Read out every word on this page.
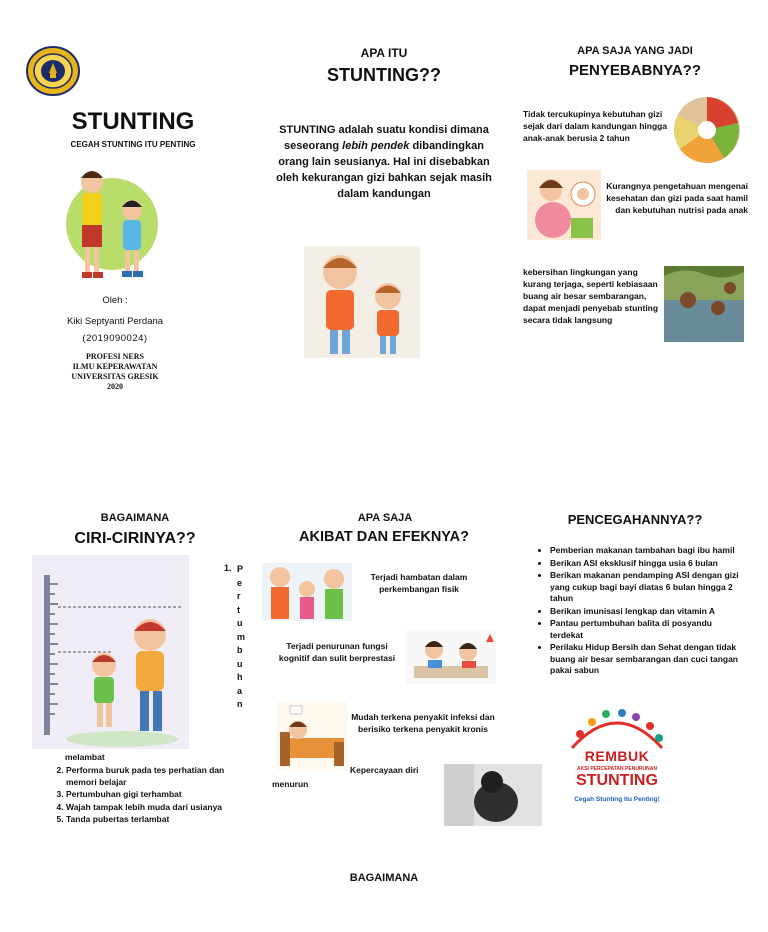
STUNTING
CEGAH STUNTING ITU PENTING
Oleh :
Kiki Septyanti Perdana
(2019090024)
PROFESI NERS
ILMU KEPERAWATAN
UNIVERSITAS GRESIK
2020
APA ITU
STUNTING??
STUNTING adalah suatu kondisi dimana seseorang lebih pendek dibandingkan orang lain seusianya. Hal ini disebabkan oleh kekurangan gizi bahkan sejak masih dalam kandungan
APA SAJA YANG JADI
PENYEBABNYA??
Tidak tercukupinya kebutuhan gizi sejak dari dalam kandungan hingga anak-anak berusia 2 tahun
Kurangnya pengetahuan mengenai kesehatan dan gizi pada saat hamil dan kebutuhan nutrisi pada anak
kebersihan lingkungan yang kurang terjaga, seperti kebiasaan buang air besar sembarangan, dapat menjadi penyebab stunting secara tidak langsung
BAGAIMANA
CIRI-CIRINYA??
1. P
e
r
t
u
m
b
u
h
a
n
melambat
2. Performa buruk pada tes perhatian dan memori belajar
3. Pertumbuhan gigi terhambat
4. Wajah tampak lebih muda dari usianya
5. Tanda pubertas terlambat
APA SAJA
AKIBAT DAN EFEKNYA?
Terjadi hambatan dalam perkembangan fisik
Terjadi penurunan fungsi kognitif dan sulit berprestasi
Mudah terkena penyakit infeksi dan berisiko terkena penyakit kronis
Kepercayaan diri
menurun
PENCEGAHANNYA??
• Pemberian makanan tambahan bagi ibu hamil
• Berikan ASI eksklusif hingga usia 6 bulan
• Berikan makanan pendamping ASI dengan gizi yang cukup bagi bayi diatas 6 bulan hingga 2 tahun
• Berikan imunisasi lengkap dan vitamin A
• Pantau pertumbuhan balita di posyandu terdekat
• Perilaku Hidup Bersih dan Sehat dengan tidak buang air besar sembarangan dan cuci tangan pakai sabun
REMBUK
AKSI PERCEPATAN PENURUNAN
STUNTING
Cegah Stunting Itu Penting!
BAGAIMANA
